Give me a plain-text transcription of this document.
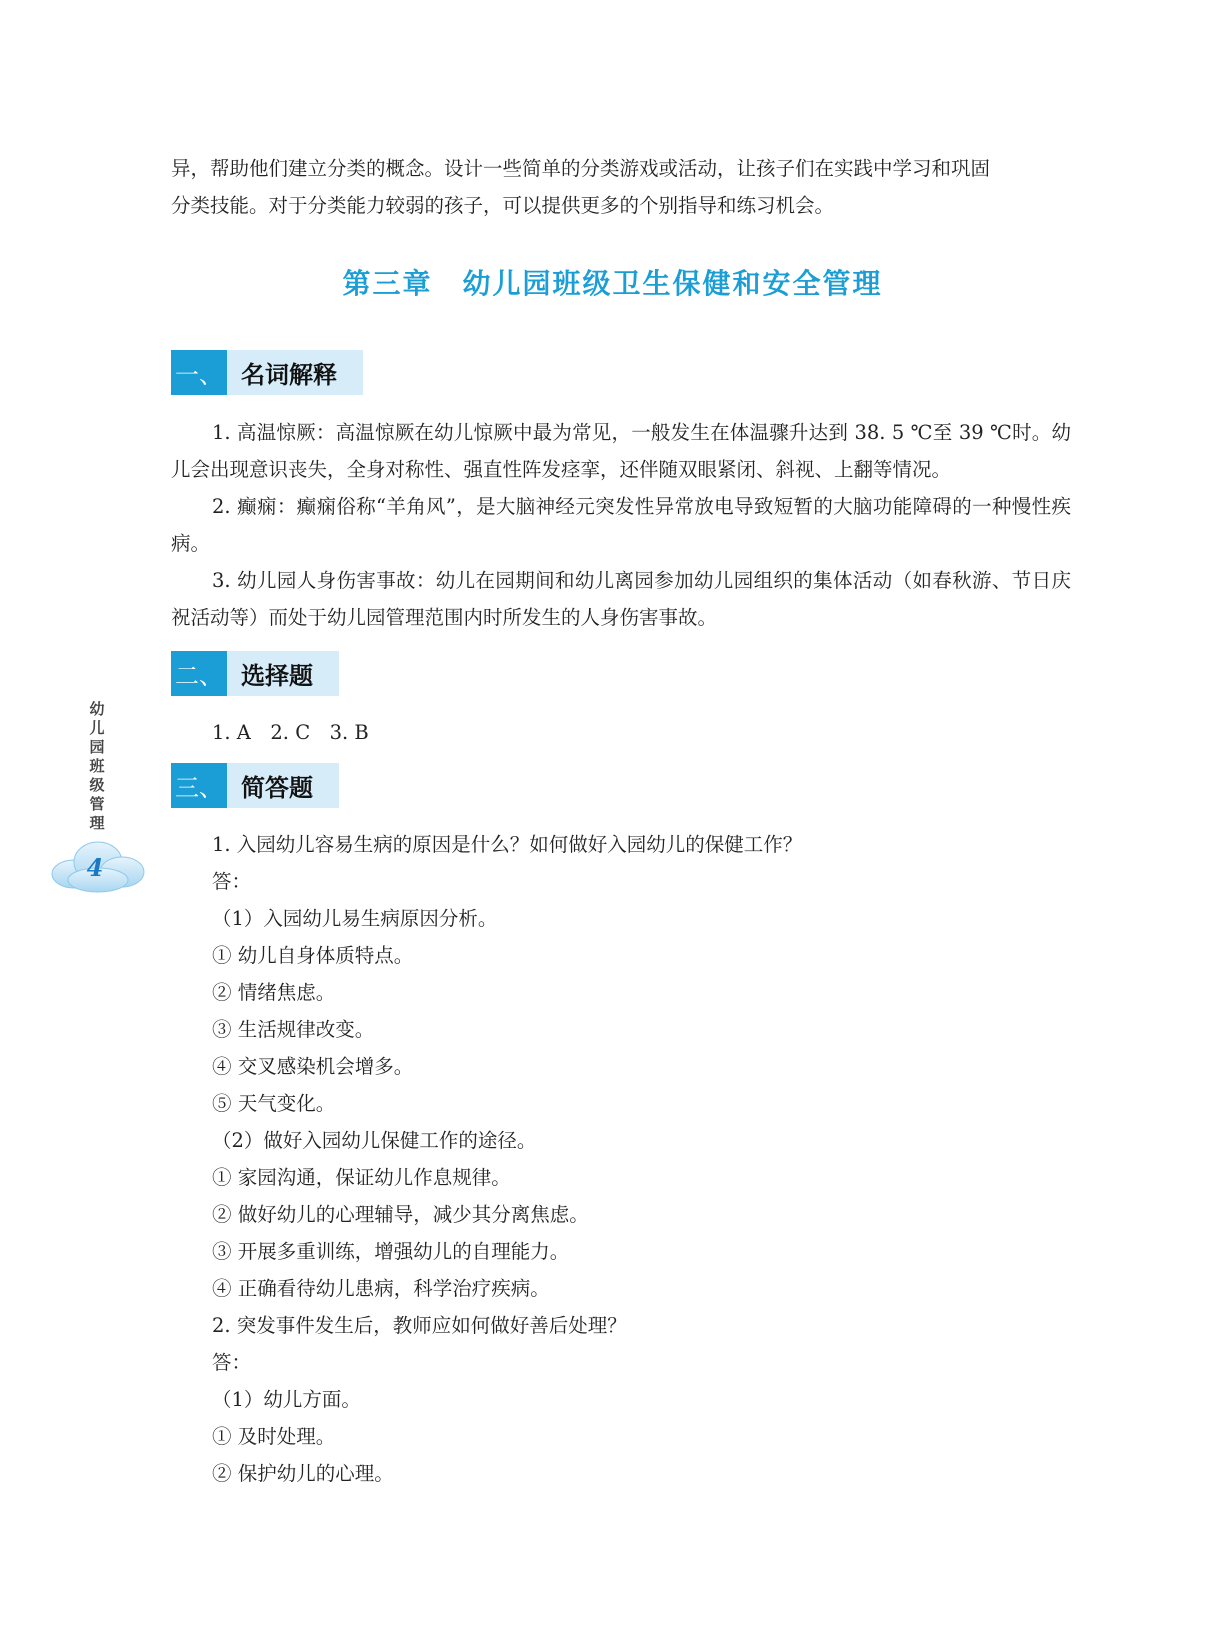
异，帮助他们建立分类的概念。设计一些简单的分类游戏或活动，让孩子们在实践中学习和巩固

分类技能。对于分类能力较弱的孩子，可以提供更多的个别指导和练习机会。

第三章 幼儿园班级卫生保健和安全管理
一、 名词解释

1. 高温惊厥：高温惊厥在幼儿惊厥中最为常见，一般发生在体温骤升达到 38. 5 ℃至 39 ℃时。幼儿会出现意识丧失，全身对称性、强直性阵发痉挛，还伴随双眼紧闭、斜视、上翻等情况。

2. 癫痫：癫痫俗称“羊角风”，是大脑神经元突发性异常放电导致短暂的大脑功能障碍的一种慢性疾病。

3. 幼儿园人身伤害事故：幼儿在园期间和幼儿离园参加幼儿园组织的集体活动（如春秋游、节日庆祝活动等）而处于幼儿园管理范围内时所发生的人身伤害事故。

二、 选择题

1. A　2. C　3. B

三、 简答题

1. 入园幼儿容易生病的原因是什么？如何做好入园幼儿的保健工作？

答：

（1）入园幼儿易生病原因分析。

① 幼儿自身体质特点。

② 情绪焦虑。

③ 生活规律改变。

④ 交叉感染机会增多。

⑤ 天气变化。

（2）做好入园幼儿保健工作的途径。

① 家园沟通，保证幼儿作息规律。

② 做好幼儿的心理辅导，减少其分离焦虑。

③ 开展多重训练，增强幼儿的自理能力。

④ 正确看待幼儿患病，科学治疗疾病。

2. 突发事件发生后，教师应如何做好善后处理？

答：

（1）幼儿方面。

① 及时处理。

② 保护幼儿的心理。

幼
儿
园
班
级
管
理
4
